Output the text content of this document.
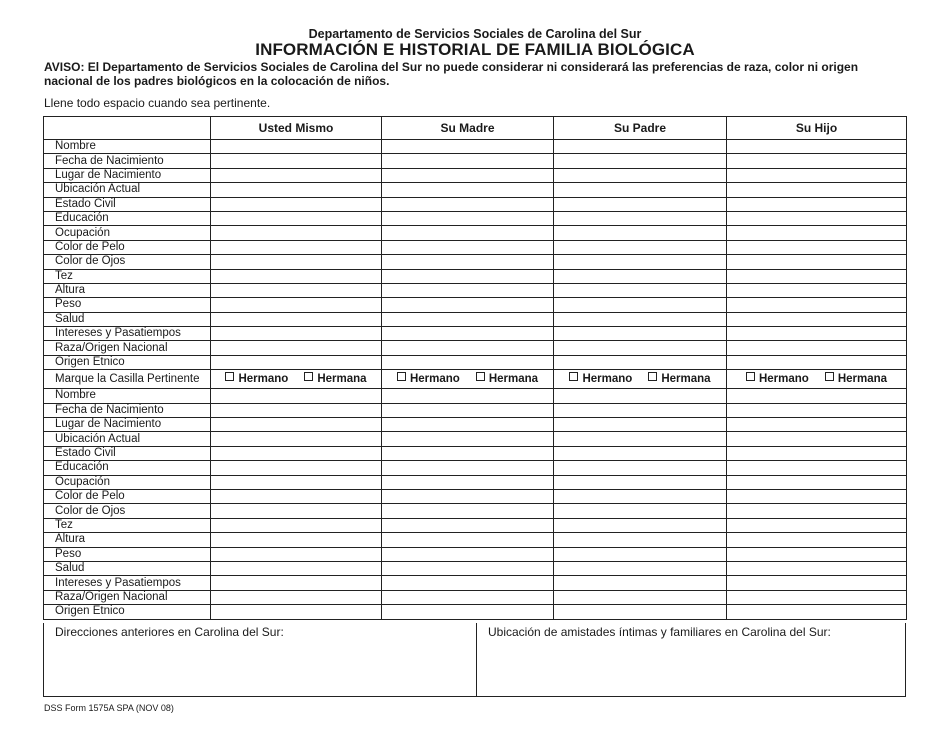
Departamento de Servicios Sociales de Carolina del Sur
INFORMACIÓN E HISTORIAL DE FAMILIA BIOLÓGICA
AVISO: El Departamento de Servicios Sociales de Carolina del Sur no puede considerar ni considerará las preferencias de raza, color ni origen nacional de los padres biológicos en la colocación de niños.
Llene todo espacio cuando sea pertinente.
	Usted Mismo	Su Madre	Su Padre	Su Hijo
Nombre				
Fecha de Nacimiento				
Lugar de Nacimiento				
Ubicación Actual				
Estado Civil				
Educación				
Ocupación				
Color de Pelo				
Color de Ojos				
Tez				
Altura				
Peso				
Salud				
Intereses y Pasatiempos				
Raza/Origen Nacional				
Origen Étnico				
Marque la Casilla Pertinente	Hermano Hermana	Hermano Hermana	Hermano Hermana	Hermano Hermana
Nombre				
Fecha de Nacimiento				
Lugar de Nacimiento				
Ubicación Actual				
Estado Civil				
Educación				
Ocupación				
Color de Pelo				
Color de Ojos				
Tez				
Altura				
Peso				
Salud				
Intereses y Pasatiempos				
Raza/Origen Nacional				
Origen Étnico				
Direcciones anteriores en Carolina del Sur:	Ubicación de amistades íntimas y familiares en Carolina del Sur:
DSS Form 1575A SPA (NOV 08)
